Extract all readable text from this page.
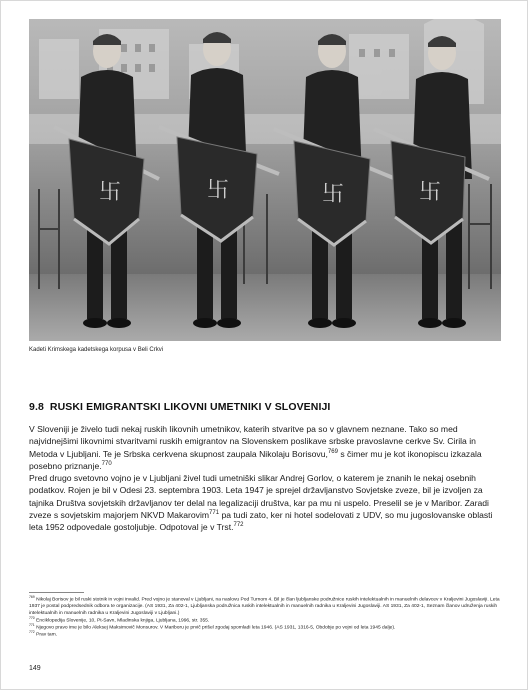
卐	卐	卐	卐
Kadeti Krimskega kadetskega korpusa v Beli Crkvi
9.8 RUSKI EMIGRANTSKI LIKOVNI UMETNIKI V SLOVENIJI

V Sloveniji je živelo tudi nekaj ruskih likovnih umetnikov, katerih stvaritve pa so v glavnem neznane. Tako so med najvidnejšimi likovnimi stvaritvami ruskih emigrantov na Slovenskem poslikave srbske pravoslavne cerkve Sv. Cirila in Metoda v Ljubljani. Te je Srbska cerkvena skupnost zaupala Nikolaju Borisovu,$^{769}$ s čimer mu je kot ikonopiscu izkazala posebno priznanje.$^{770}$

Pred drugo svetovno vojno je v Ljubljani živel tudi umetniški slikar Andrej Gorlov, o katerem je znanih le nekaj osebnih podatkov. Rojen je bil v Odesi 23. septembra 1903. Leta 1947 je sprejel državljanstvo Sovjetske zveze, bil je izvoljen za tajnika Društva sovjetskih državljanov ter delal na legalizaciji društva, kar pa mu ni uspelo. Preselil se je v Maribor. Zaradi zveze s sovjetskim majorjem NKVD Makarovim$^{771}$ pa tudi zato, ker ni hotel sodelovati z UDV, so mu jugoslovanske oblasti leta 1952 odpovedale gostoljubje. Odpotoval je v Trst.$^{772}$

$^{769}$ Nikolaj Borisov je bil ruski stotnik in vojni invalid. Pred vojno je stanoval v Ljubljani, na naslovu Pod Turnom 4. Bil je član ljubljanske podružnice ruskih intelektualnih in manuelnih delavcev v Kraljevini Jugoslaviji. Leta 1937 je postal podpredsednik odbora te organizacije. (AS 1931, Za 402-1, Ljubljanska podružnica ruskih intelektualnih in manuelnih radnika u Kraljevini Jugoslaviji. AS 1931, Za 402-1, Seznam članov udruženja ruskih intelektualnih in manuelnih radnika u Kraljevini Jugoslaviji v Ljubljani.)

$^{770}$ Enciklopedija Slovenije, 10, Pt-Savn, Mladinska knjiga, Ljubljana, 1996, str. 355.

$^{771}$ Njegovo pravo ime je bilo Aleksej Maksimovič Monsurov. V Mariboru je prvič prišel zgodaj spomladi leta 1946. (AS 1931, 1316-5, Obdobje po vojni od leta 1945 dalje).

$^{772}$ Prav tam.

149
